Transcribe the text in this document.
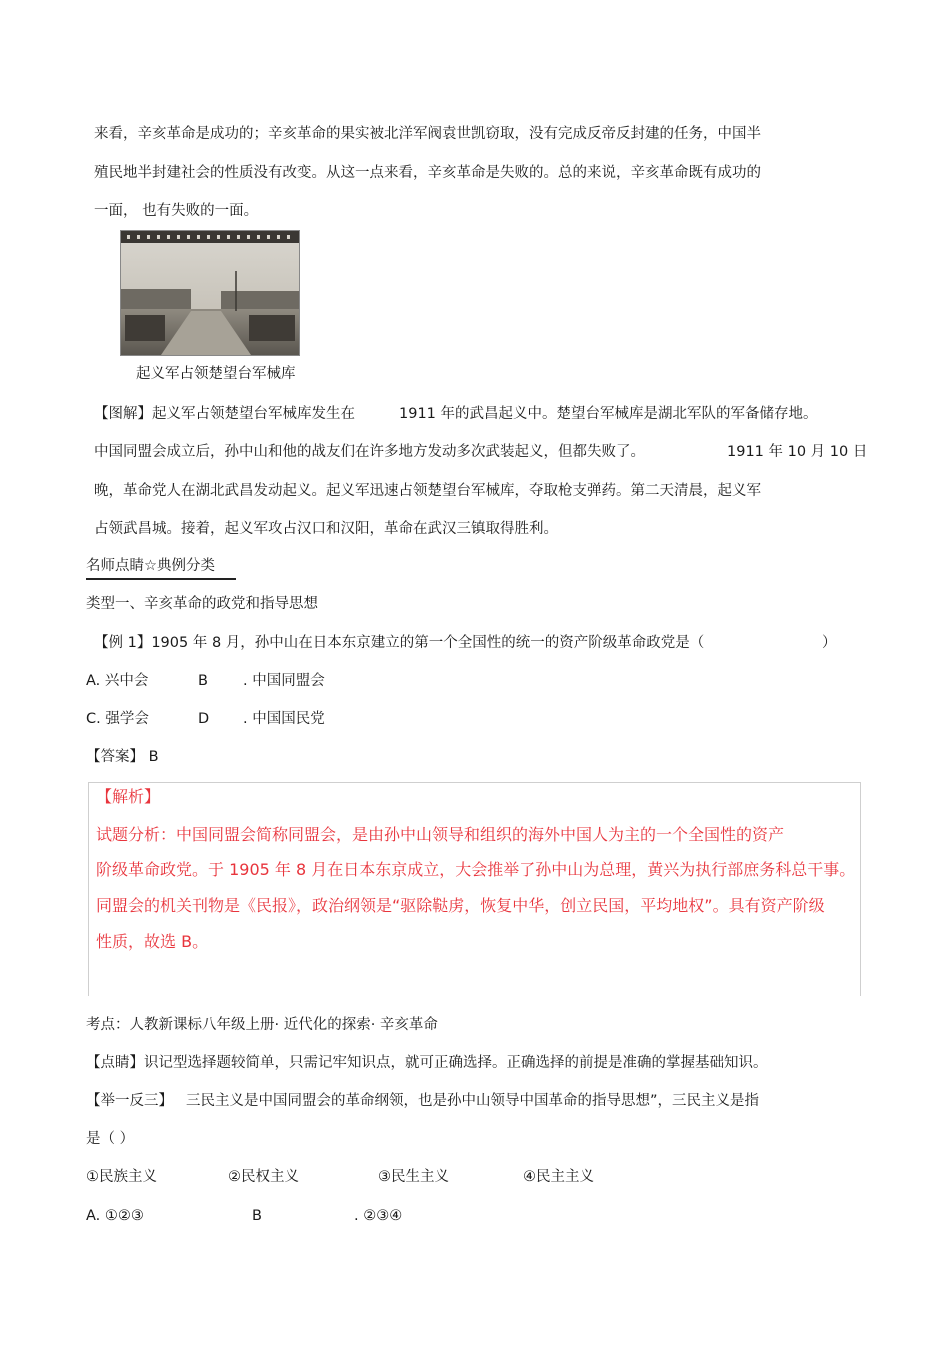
来看，辛亥革命是成功的；辛亥革命的果实被北洋军阀袁世凯窃取，没有完成反帝反封建的任务，中国半
殖民地半封建社会的性质没有改变。从这一点来看，辛亥革命是失败的。总的来说，辛亥革命既有成功的
一面， 也有失败的一面。
起义军占领楚望台军械库
【图解】起义军占领楚望台军械库发生在	1911 年的武昌起义中。楚望台军械库是湖北军队的军备储存地。
中国同盟会成立后，孙中山和他的战友们在许多地方发动多次武装起义，但都失败了。	1911 年 10 月 10 日
晚，革命党人在湖北武昌发动起义。起义军迅速占领楚望台军械库，夺取枪支弹药。第二天清晨，起义军
占领武昌城。接着，起义军攻占汉口和汉阳，革命在武汉三镇取得胜利。
名师点睛☆典例分类
类型一、辛亥革命的政党和指导思想
【例 1】1905 年 8 月，孙中山在日本东京建立的第一个全国性的统一的资产阶级革命政党是（	）
A. 兴中会	B . 中国同盟会
C. 强学会	D . 中国国民党
【答案】 B
【解析】
试题分析：中国同盟会简称同盟会，是由孙中山领导和组织的海外中国人为主的一个全国性的资产
阶级革命政党。于 1905 年 8 月在日本东京成立，大会推举了孙中山为总理，黄兴为执行部庶务科总干事。
同盟会的机关刊物是《民报》，政治纲领是“驱除鞑虏，恢复中华，创立民国，平均地权”。具有资产阶级
性质，故选 B。
考点：人教新课标八年级上册· 近代化的探索· 辛亥革命
【点睛】识记型选择题较简单，只需记牢知识点，就可正确选择。正确选择的前提是准确的掌握基础知识。
【举一反三】 三民主义是中国同盟会的革命纲领，也是孙中山领导中国革命的指导思想”，三民主义是指
是（ ）
①民族主义	②民权主义	③民生主义	④民主主义
A. ①②③	B	. ②③④
